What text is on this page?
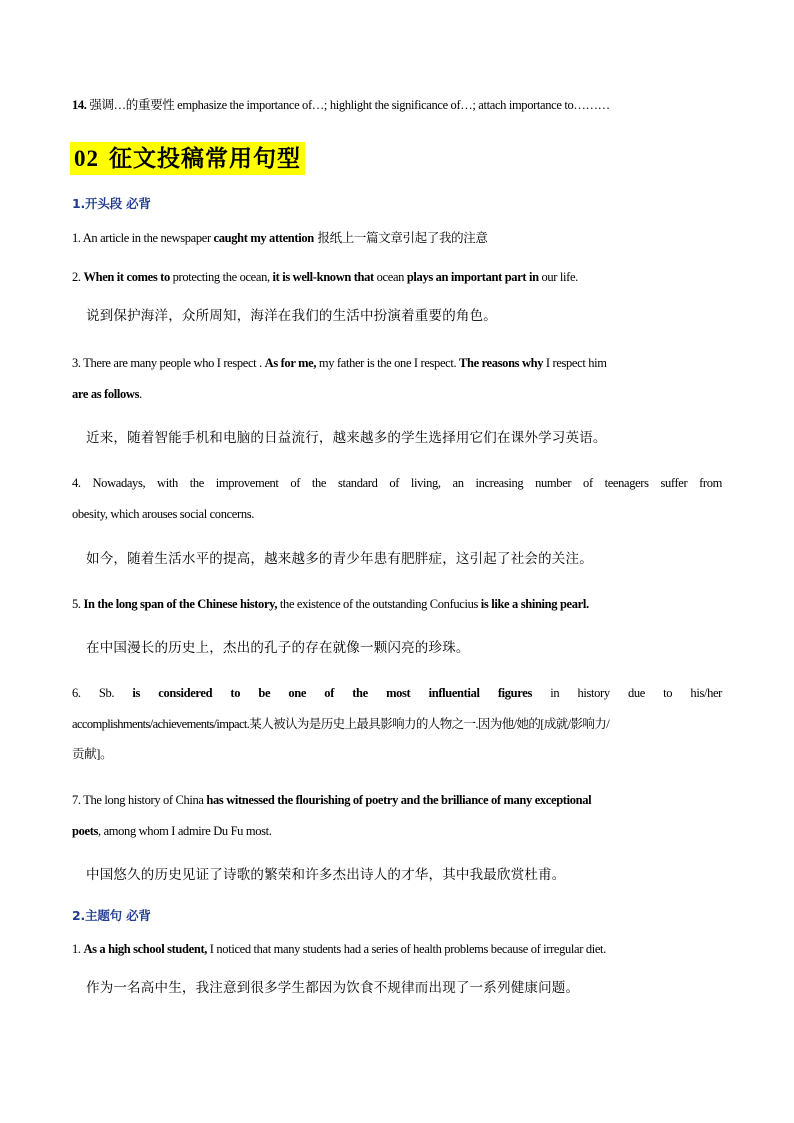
14. 强调…的重要性 emphasize the importance of…; highlight the significance of…; attach importance to………
02 征文投稿常用句型
1.开头段 必背
1. An article in the newspaper caught my attention 报纸上一篇文章引起了我的注意
2. When it comes to protecting the ocean, it is well-known that ocean plays an important part in our life.
说到保护海洋，众所周知，海洋在我们的生活中扮演着重要的角色。
3. There are many people who I respect . As for me, my father is the one I respect. The reasons why I respect him
are as follows.
近来，随着智能手机和电脑的日益流行，越来越多的学生选择用它们在课外学习英语。
4. Nowadays, with the improvement of the standard of living, an increasing number of teenagers suffer from
obesity, which arouses social concerns.
如今，随着生活水平的提高，越来越多的青少年患有肥胖症，这引起了社会的关注。
5. In the long span of the Chinese history, the existence of the outstanding Confucius is like a shining pearl.
在中国漫长的历史上，杰出的孔子的存在就像一颗闪亮的珍珠。
6. Sb. is considered to be one of the most influential figures in history due to his/her
accomplishments/achievements/impact.某人被认为是历史上最具影响力的人物之一.因为他/她的[成就/影响力/
贡献]。
7. The long history of China has witnessed the flourishing of poetry and the brilliance of many exceptional
poets, among whom I admire Du Fu most.
中国悠久的历史见证了诗歌的繁荣和许多杰出诗人的才华，其中我最欣赏杜甫。
2.主题句 必背
1. As a high school student, I noticed that many students had a series of health problems because of irregular diet.
作为一名高中生，我注意到很多学生都因为饮食不规律而出现了一系列健康问题。
